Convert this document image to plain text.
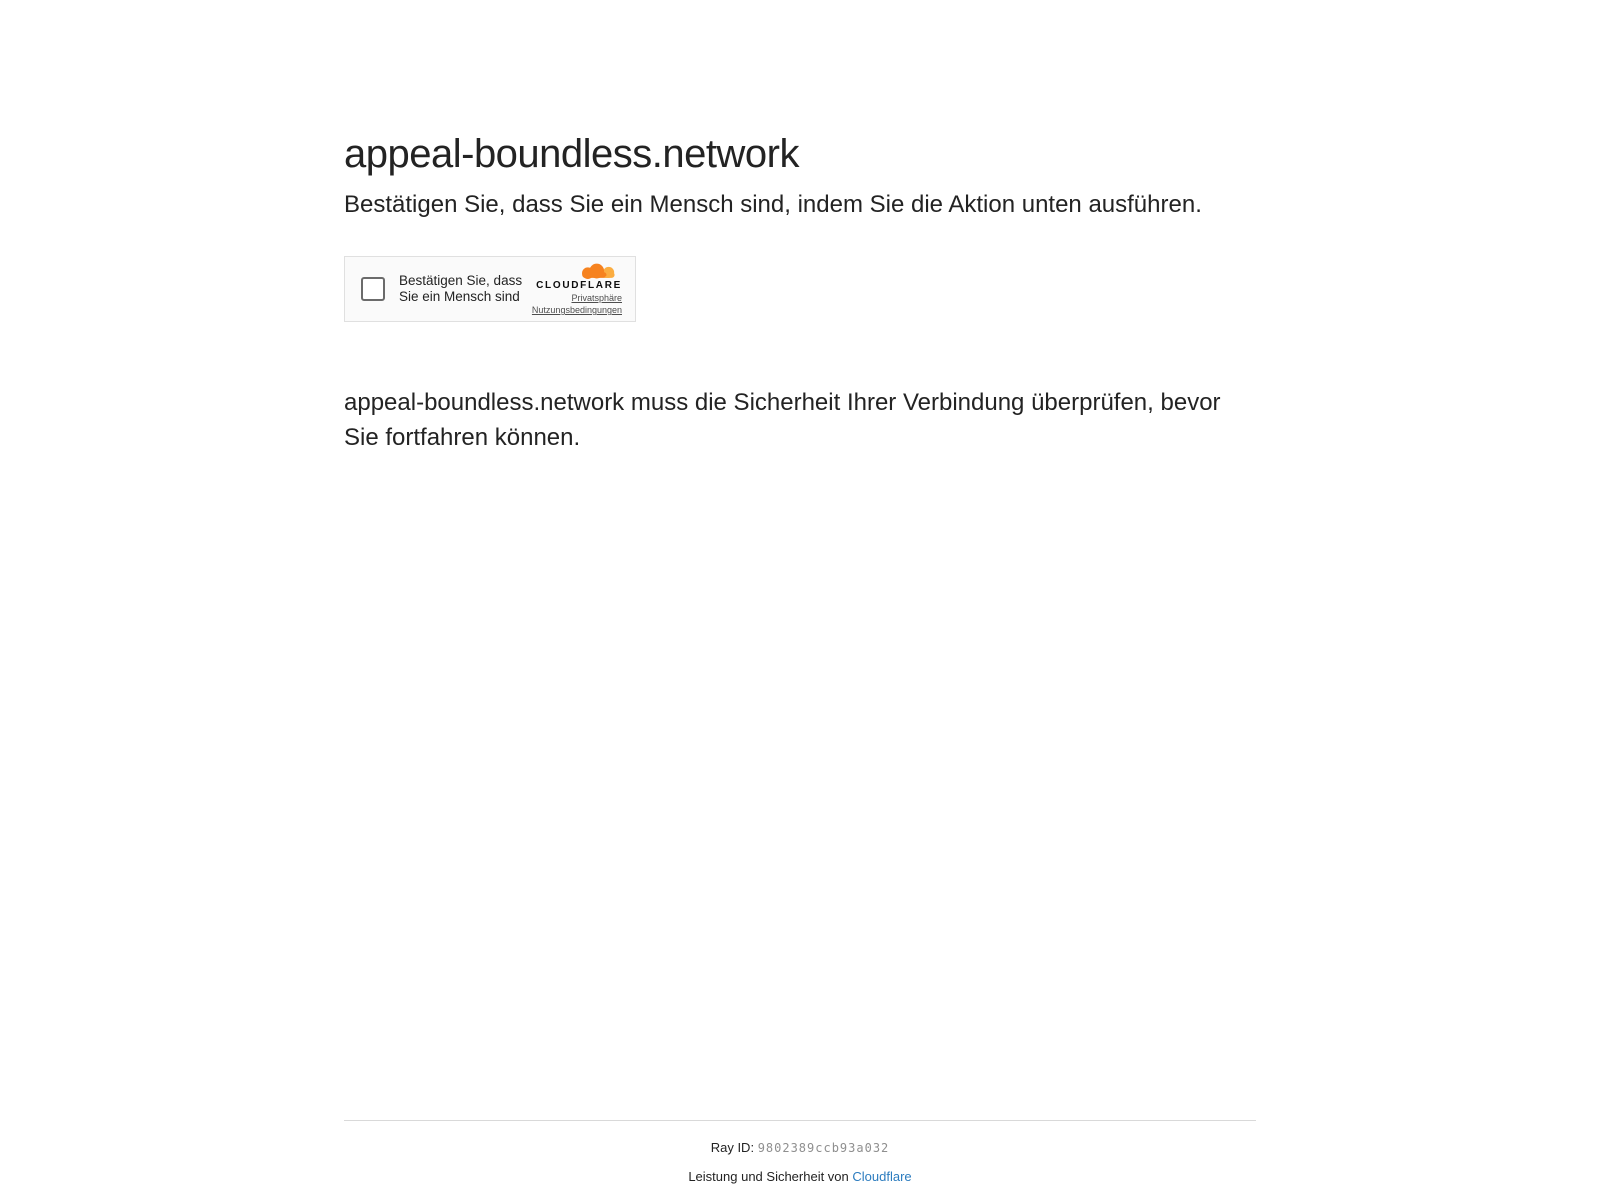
appeal-boundless.network
Bestätigen Sie, dass Sie ein Mensch sind, indem Sie die Aktion unten ausführen.
Bestätigen Sie, dass Sie ein Mensch sind
CLOUDFLARE
Privatsphäre
Nutzungsbedingungen

appeal-boundless.network muss die Sicherheit Ihrer Verbindung überprüfen, bevor Sie fortfahren können.

Ray ID: 9802389ccb93a032
Leistung und Sicherheit von Cloudflare
